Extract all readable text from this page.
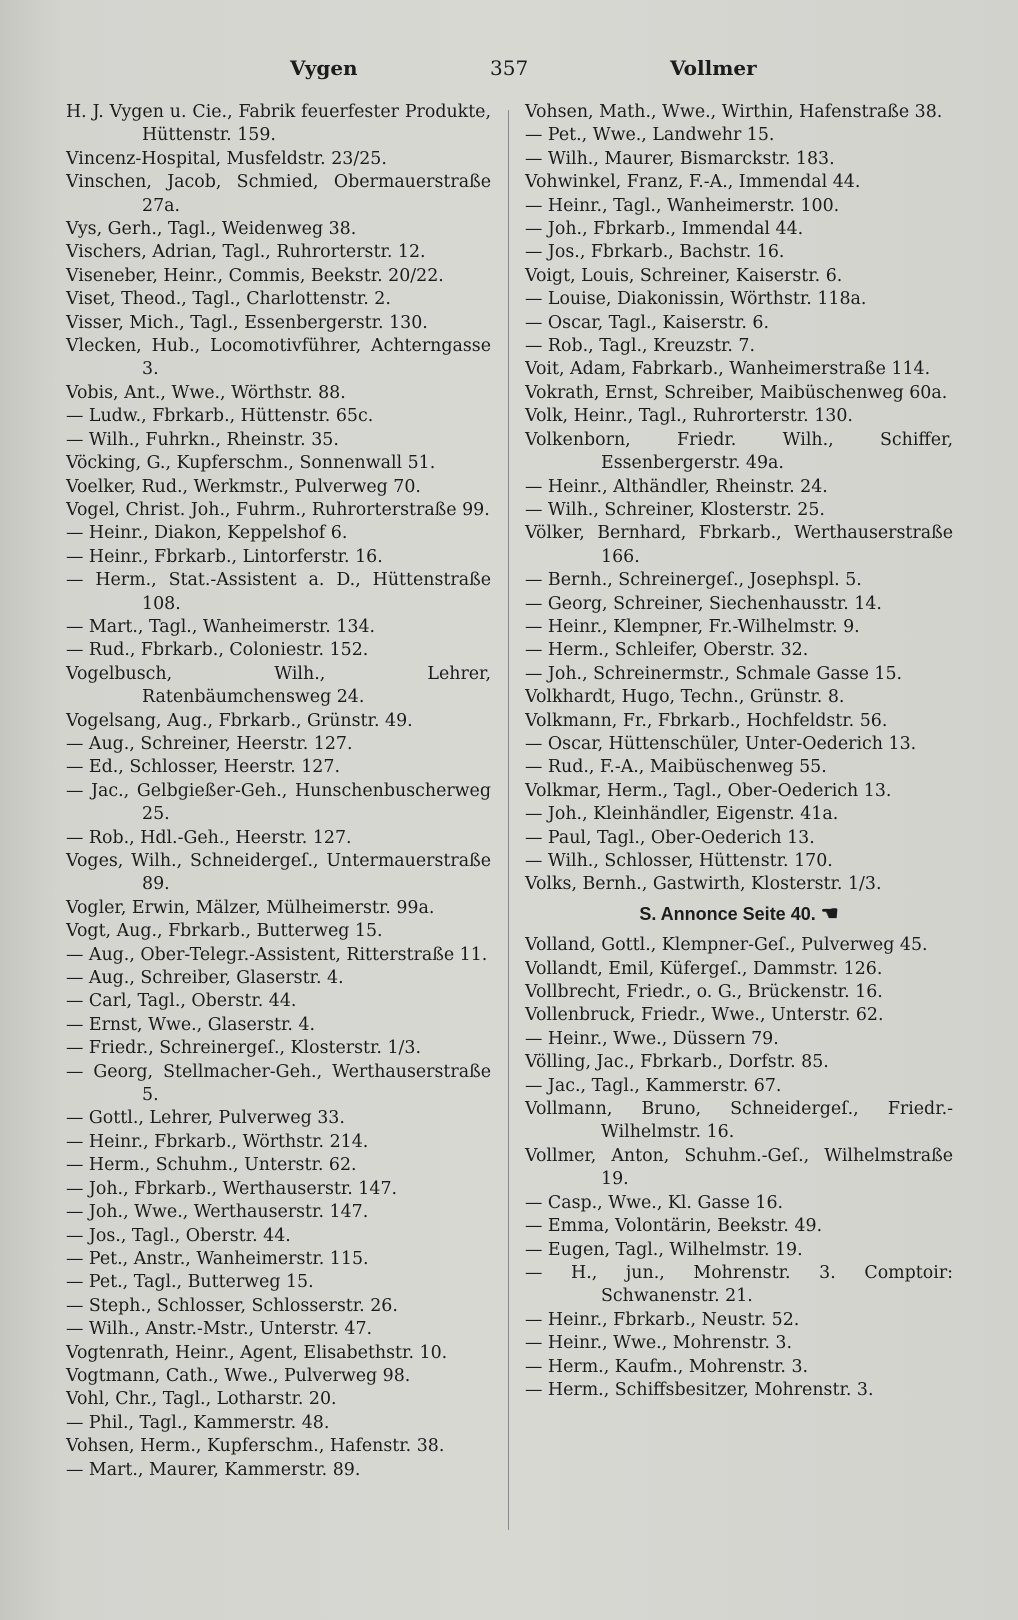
Vygen	357	Vollmer
H. J. Vygen u. Cie., Fabrik feuerfester Produkte, Hüttenstr. 159.
Vincenz-Hospital, Musfeldstr. 23/25.
Vinschen, Jacob, Schmied, Obermauerstraße 27a.
Vys, Gerh., Tagl., Weidenweg 38.
Vischers, Adrian, Tagl., Ruhrorterstr. 12.
Viseneber, Heinr., Commis, Beekstr. 20/22.
Viset, Theod., Tagl., Charlottenstr. 2.
Visser, Mich., Tagl., Essenbergerstr. 130.
Vlecken, Hub., Locomotivführer, Achterngasse 3.
Vobis, Ant., Wwe., Wörthstr. 88.
— Ludw., Fbrkarb., Hüttenstr. 65c.
— Wilh., Fuhrkn., Rheinstr. 35.
Vöcking, G., Kupferschm., Sonnenwall 51.
Voelker, Rud., Werkmstr., Pulverweg 70.
Vogel, Christ. Joh., Fuhrm., Ruhrorterstraße 99.
— Heinr., Diakon, Keppelshof 6.
— Heinr., Fbrkarb., Lintorferstr. 16.
— Herm., Stat.-Assistent a. D., Hüttenstraße 108.
— Mart., Tagl., Wanheimerstr. 134.
— Rud., Fbrkarb., Coloniestr. 152.
Vogelbusch, Wilh., Lehrer, Ratenbäumchensweg 24.
Vogelsang, Aug., Fbrkarb., Grünstr. 49.
— Aug., Schreiner, Heerstr. 127.
— Ed., Schlosser, Heerstr. 127.
— Jac., Gelbgießer-Geh., Hunschenbuscherweg 25.
— Rob., Hdl.-Geh., Heerstr. 127.
Voges, Wilh., Schneidergeſ., Untermauerstraße 89.
Vogler, Erwin, Mälzer, Mülheimerstr. 99a.
Vogt, Aug., Fbrkarb., Butterweg 15.
— Aug., Ober-Telegr.-Assistent, Ritterstraße 11.
— Aug., Schreiber, Glaserstr. 4.
— Carl, Tagl., Oberstr. 44.
— Ernst, Wwe., Glaserstr. 4.
— Friedr., Schreinergeſ., Klosterstr. 1/3.
— Georg, Stellmacher-Geh., Werthauserstraße 5.
— Gottl., Lehrer, Pulverweg 33.
— Heinr., Fbrkarb., Wörthstr. 214.
— Herm., Schuhm., Unterstr. 62.
— Joh., Fbrkarb., Werthauserstr. 147.
— Joh., Wwe., Werthauserstr. 147.
— Jos., Tagl., Oberstr. 44.
— Pet., Anstr., Wanheimerstr. 115.
— Pet., Tagl., Butterweg 15.
— Steph., Schlosser, Schlosserstr. 26.
— Wilh., Anstr.-Mstr., Unterstr. 47.
Vogtenrath, Heinr., Agent, Elisabethstr. 10.
Vogtmann, Cath., Wwe., Pulverweg 98.
Vohl, Chr., Tagl., Lotharstr. 20.
— Phil., Tagl., Kammerstr. 48.
Vohsen, Herm., Kupferschm., Hafenstr. 38.
— Mart., Maurer, Kammerstr. 89.
Vohsen, Math., Wwe., Wirthin, Hafenstraße 38.
— Pet., Wwe., Landwehr 15.
— Wilh., Maurer, Bismarckstr. 183.
Vohwinkel, Franz, F.-A., Immendal 44.
— Heinr., Tagl., Wanheimerstr. 100.
— Joh., Fbrkarb., Immendal 44.
— Jos., Fbrkarb., Bachstr. 16.
Voigt, Louis, Schreiner, Kaiserstr. 6.
— Louise, Diakonissin, Wörthstr. 118a.
— Oscar, Tagl., Kaiserstr. 6.
— Rob., Tagl., Kreuzstr. 7.
Voit, Adam, Fabrkarb., Wanheimerstraße 114.
Vokrath, Ernst, Schreiber, Maibüschenweg 60a.
Volk, Heinr., Tagl., Ruhrorterstr. 130.
Volkenborn, Friedr. Wilh., Schiffer, Essenbergerstr. 49a.
— Heinr., Althändler, Rheinstr. 24.
— Wilh., Schreiner, Klosterstr. 25.
Völker, Bernhard, Fbrkarb., Werthauserstraße 166.
— Bernh., Schreinergeſ., Josephspl. 5.
— Georg, Schreiner, Siechenhausstr. 14.
— Heinr., Klempner, Fr.-Wilhelmstr. 9.
— Herm., Schleifer, Oberstr. 32.
— Joh., Schreinermstr., Schmale Gasse 15.
Volkhardt, Hugo, Techn., Grünstr. 8.
Volkmann, Fr., Fbrkarb., Hochfeldstr. 56.
— Oscar, Hüttenschüler, Unter-Oederich 13.
— Rud., F.-A., Maibüschenweg 55.
Volkmar, Herm., Tagl., Ober-Oederich 13.
— Joh., Kleinhändler, Eigenstr. 41a.
— Paul, Tagl., Ober-Oederich 13.
— Wilh., Schlosser, Hüttenstr. 170.
Volks, Bernh., Gastwirth, Klosterstr. 1/3.
S. Annonce Seite 40. ☚
Volland, Gottl., Klempner-Geſ., Pulverweg 45.
Vollandt, Emil, Küfergeſ., Dammstr. 126.
Vollbrecht, Friedr., o. G., Brückenstr. 16.
Vollenbruck, Friedr., Wwe., Unterstr. 62.
— Heinr., Wwe., Düssern 79.
Völling, Jac., Fbrkarb., Dorfstr. 85.
— Jac., Tagl., Kammerstr. 67.
Vollmann, Bruno, Schneidergeſ., Friedr.-Wilhelmstr. 16.
Vollmer, Anton, Schuhm.-Geſ., Wilhelmstraße 19.
— Casp., Wwe., Kl. Gasse 16.
— Emma, Volontärin, Beekstr. 49.
— Eugen, Tagl., Wilhelmstr. 19.
— H., jun., Mohrenstr. 3. Comptoir: Schwanenstr. 21.
— Heinr., Fbrkarb., Neustr. 52.
— Heinr., Wwe., Mohrenstr. 3.
— Herm., Kaufm., Mohrenstr. 3.
— Herm., Schiffsbesitzer, Mohrenstr. 3.
